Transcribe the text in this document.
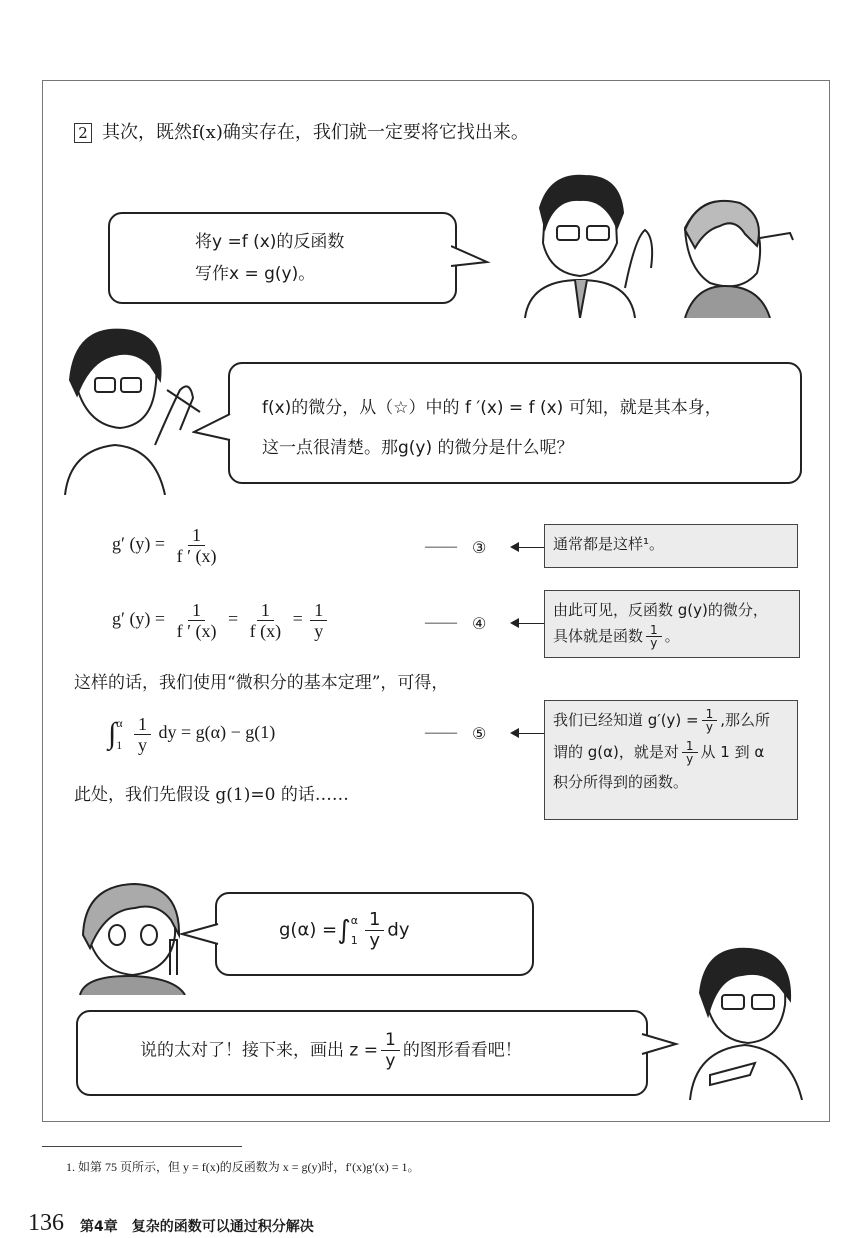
2 其次，既然f(x)确实存在，我们就一定要将它找出来。
将y =f (x)的反函数
写作x = g(y)。
f(x)的微分，从（☆）中的 f ′(x) = f (x) 可知，就是其本身，
这一点很清楚。那g(y) 的微分是什么呢？
g′ $(y) = \frac{1}{f ' (x)}$	—— ③	通常都是这样¹。
g′ $(y) = \frac{1}{f ' (x)} = \frac{1}{f (x)} = \frac{1}{y}$	—— ④
由此可见，反函数 g(y)的微分，
具体就是函数 $\frac{1}{y}$ 。
这样的话，我们使用“微积分的基本定理”，可得，
∫ α
1
$\frac{1}{y}$ dy = g(α) − g(1)	—— ⑤
我们已经知道 $g'(y) = \frac{1}{y}$ ,那么所
谓的 g(α)，就是对 $\frac{1}{y}$ 从 1 到 α
积分所得到的函数。
此处，我们先假设 g(1)=0 的话……
g(α) =∫ α
$1 \frac{1}{y}$ dy
说的太对了！接下来，画出 $z = \frac{1}{y}$ 的图形看看吧！
1. 如第 75 页所示，但 y = f(x)的反函数为 x = g(y)时，f′(x)g′(x) = 1。
136 第4章　复杂的函数可以通过积分解决
